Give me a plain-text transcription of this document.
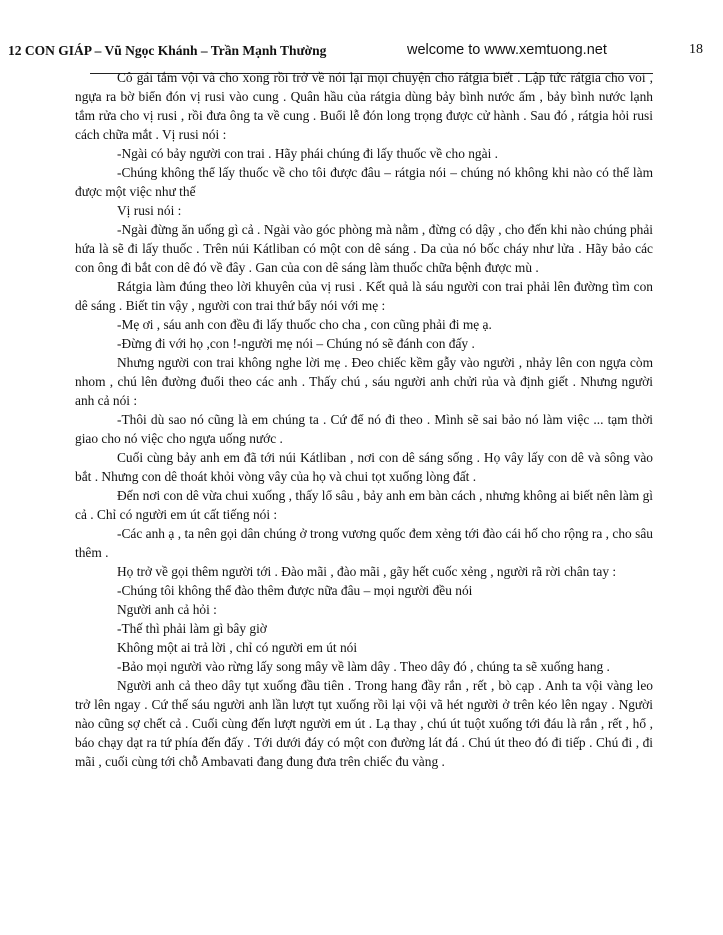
12 CON GIÁP – Vũ Ngọc Khánh – Trần Mạnh Thường	welcome to www.xemtuong.net	18

Cô gái tắm vội vã cho xong rồi trở về nói lại mọi chuyện cho rátgia biết . Lập tức rátgia cho voi , ngựa ra bờ biển đón vị rusi vào cung . Quân hầu của rátgia dùng bảy bình nước ấm , bảy bình nước lạnh tắm rửa cho vị rusi , rồi đưa ông ta về cung . Buổi lễ đón long trọng được cử hành . Sau đó , rátgia hỏi rusi cách chữa mắt . Vị rusi nói :

-Ngài có bảy người con trai . Hãy phái chúng đi lấy thuốc về cho ngài .

-Chúng không thể lấy thuốc về cho tôi được đâu – rátgia nói – chúng nó không khi nào có thể làm được một việc như thế

Vị rusi nói :

-Ngài đừng ăn uống gì cả . Ngài vào góc phòng mà nằm , đừng có dậy , cho đến khi nào chúng phải hứa là sẽ đi lấy thuốc . Trên núi Kátliban có một con dê sáng . Da của nó bốc cháy như lửa . Hãy bảo các con ông đi bắt con dê đó về đây . Gan của con dê sáng làm thuốc chữa bệnh được mù .

Rátgia làm đúng theo lời khuyên của vị rusi . Kết quả là sáu người con trai phải lên đường tìm con dê sáng . Biết tin vậy , người con trai thứ bẩy nói với mẹ :

-Mẹ ơi , sáu anh con đều đi lấy thuốc cho cha , con cũng phải đi mẹ ạ.

-Đừng đi với họ ,con !-người mẹ nói – Chúng nó sẽ đánh con đấy .

Nhưng người con trai không nghe lời mẹ . Đeo chiếc kềm gẫy vào người , nhảy lên con ngựa còm nhom , chú lên đường đuổi theo các anh . Thấy chú , sáu người anh chửi rủa và định giết . Nhưng người anh cả nói :

-Thôi dù sao nó cũng là em chúng ta . Cứ để nó đi theo . Mình sẽ sai bảo nó làm việc ... tạm thời giao cho nó việc cho ngựa uống nước .

Cuối cùng bảy anh em đã tới núi Kátliban , nơi con dê sáng sống . Họ vây lấy con dê và sông vào bắt . Nhưng con dê thoát khỏi vòng vây của họ và chui tọt xuống lòng đất .

Đến nơi con dê vừa chui xuống , thấy lổ sâu , bảy anh em bàn cách , nhưng không ai biết nên làm gì cả . Chỉ có người em út cất tiếng nói :

-Các anh ạ , ta nên gọi dân chúng ở trong vương quốc đem xẻng tới đào cái hố cho rộng ra , cho sâu thêm .

Họ trở về gọi thêm người tới . Đào mãi , đào mãi , gãy hết cuốc xẻng , người rã rời chân tay :

-Chúng tôi không thể đào thêm được nữa đâu – mọi người đều nói

Người anh cả hỏi :

-Thế thì phải làm gì bây giờ

Không một ai trả lời , chỉ có người em út nói

-Bảo mọi người vào rừng lấy song mây về làm dây . Theo dây đó , chúng ta sẽ xuống hang .

Người anh cả theo dây tụt xuống đầu tiên . Trong hang đầy rắn , rết , bò cạp . Anh ta vội vàng leo trở lên ngay . Cứ thế sáu người anh lần lượt tụt xuống rồi lại vội vã hét người ở trên kéo lên ngay . Người nào cũng sợ chết cả . Cuối cùng đến lượt người em út . Lạ thay , chú út tuột xuống tới đáu là rắn , rết , hổ , báo chạy dạt ra tứ phía đến đấy . Tới dưới đáy có một con đường lát đá . Chú út theo đó đi tiếp . Chú đi , đi mãi , cuối cùng tới chỗ Ambavati đang đung đưa trên chiếc đu vàng .
